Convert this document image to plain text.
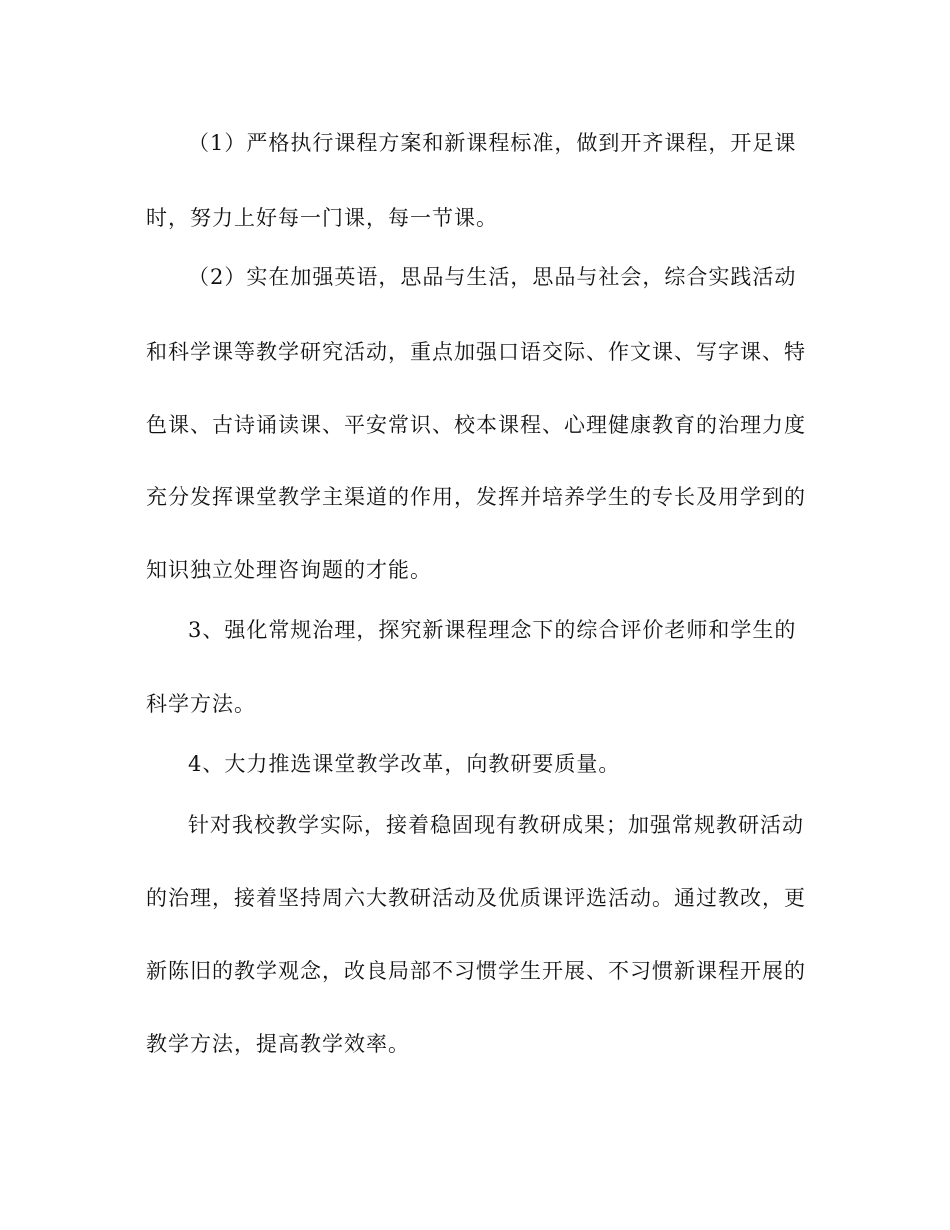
（1）严格执行课程方案和新课程标准，做到开齐课程，开足课
时，努力上好每一门课，每一节课。
（2）实在加强英语，思品与生活，思品与社会，综合实践活动
和科学课等教学研究活动，重点加强口语交际、作文课、写字课、特
色课、古诗诵读课、平安常识、校本课程、心理健康教育的治理力度
充分发挥课堂教学主渠道的作用，发挥并培养学生的专长及用学到的
知识独立处理咨询题的才能。
3、强化常规治理，探究新课程理念下的综合评价老师和学生的
科学方法。
4、大力推选课堂教学改革，向教研要质量。
针对我校教学实际，接着稳固现有教研成果；加强常规教研活动
的治理，接着坚持周六大教研活动及优质课评选活动。通过教改，更
新陈旧的教学观念，改良局部不习惯学生开展、不习惯新课程开展的
教学方法，提高教学效率。
